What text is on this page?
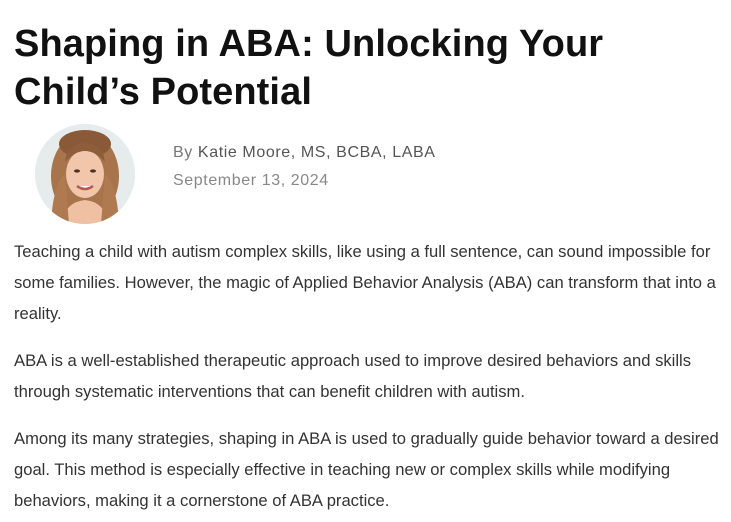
Shaping in ABA: Unlocking Your Child’s Potential
By Katie Moore, MS, BCBA, LABA
September 13, 2024

Teaching a child with autism complex skills, like using a full sentence, can sound impossible for some families. However, the magic of Applied Behavior Analysis (ABA) can transform that into a reality.

ABA is a well-established therapeutic approach used to improve desired behaviors and skills through systematic interventions that can benefit children with autism.

Among its many strategies, shaping in ABA is used to gradually guide behavior toward a desired goal. This method is especially effective in teaching new or complex skills while modifying behaviors, making it a cornerstone of ABA practice.
